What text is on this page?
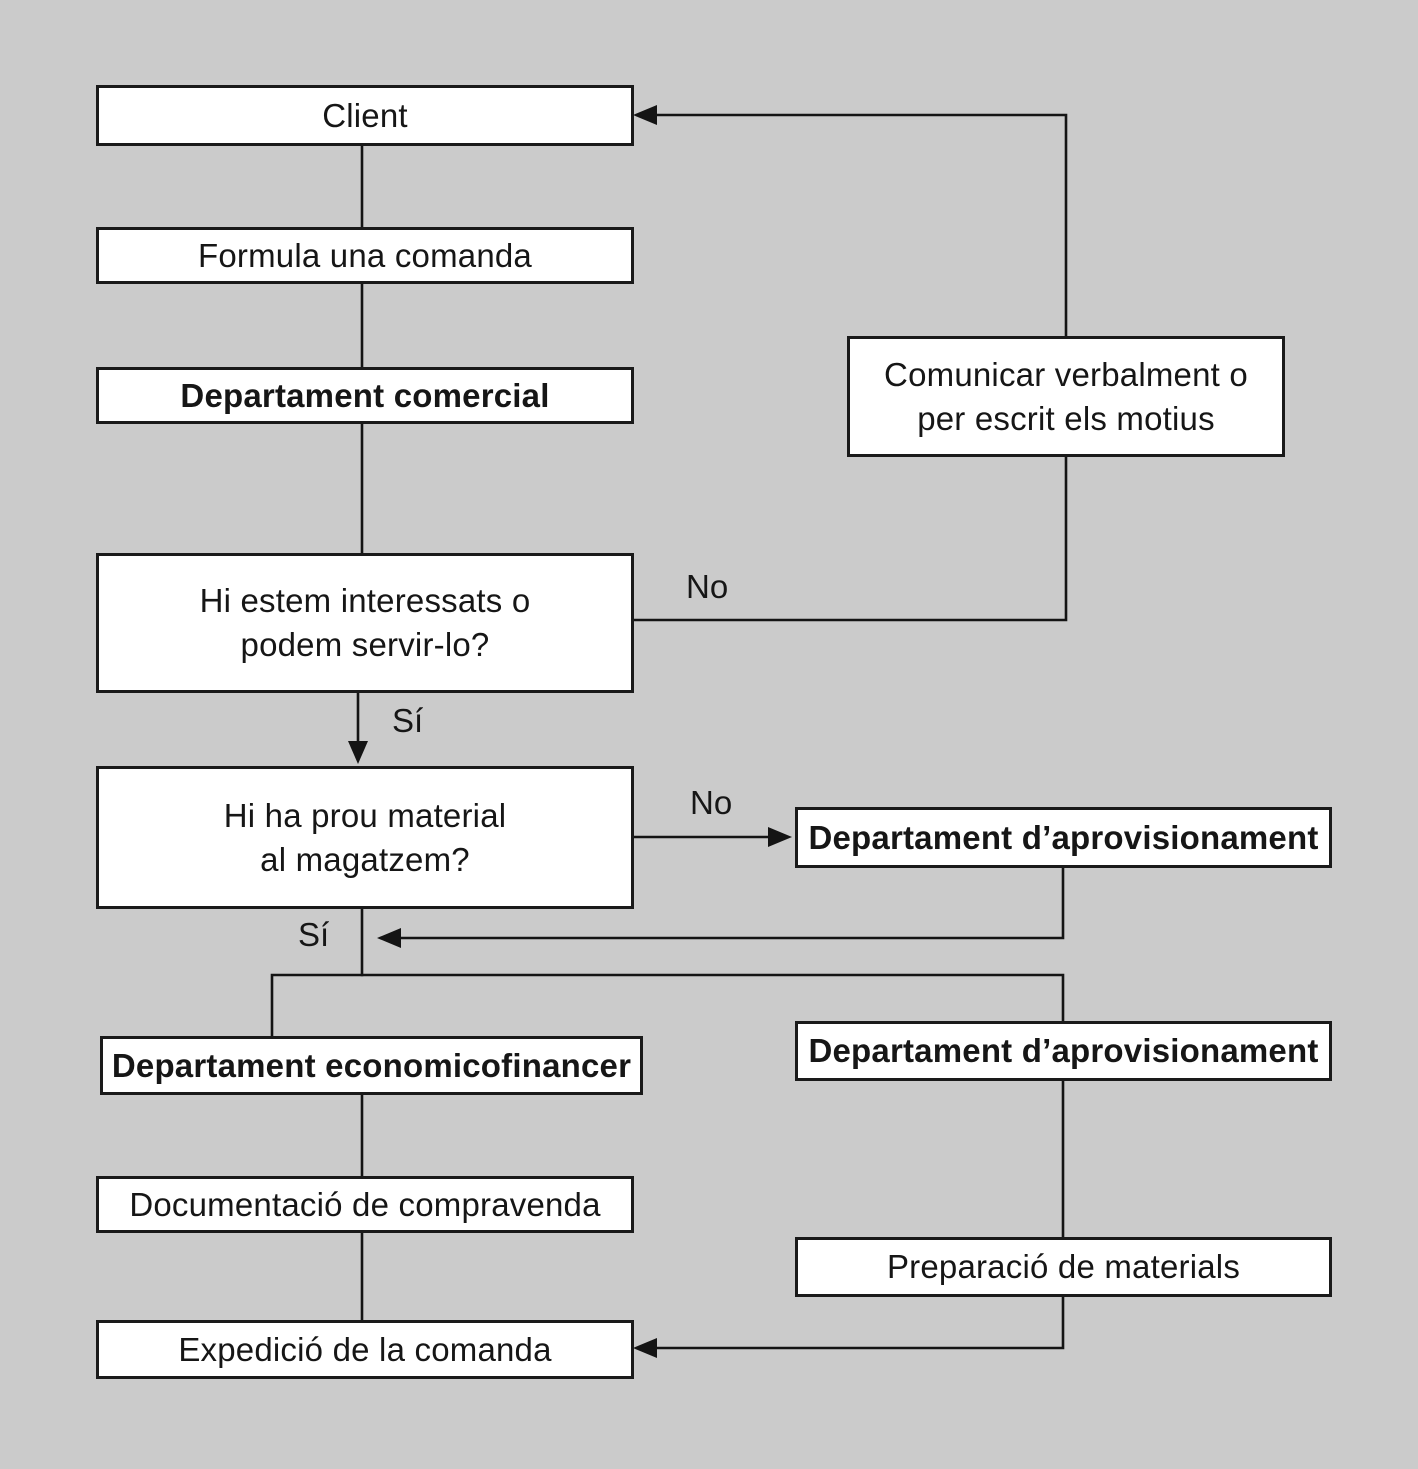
Client
Formula una comanda
Departament comercial
Comunicar verbalment o
per escrit els motius
Hi estem interessats o
podem servir-lo?
Hi ha prou material
al magatzem?
Departament d’aprovisionament
Departament economicofinancer	Departament d’aprovisionament
Documentació de compravenda
Preparació de materials
Expedició de la comanda
No
Sí
No
Sí
